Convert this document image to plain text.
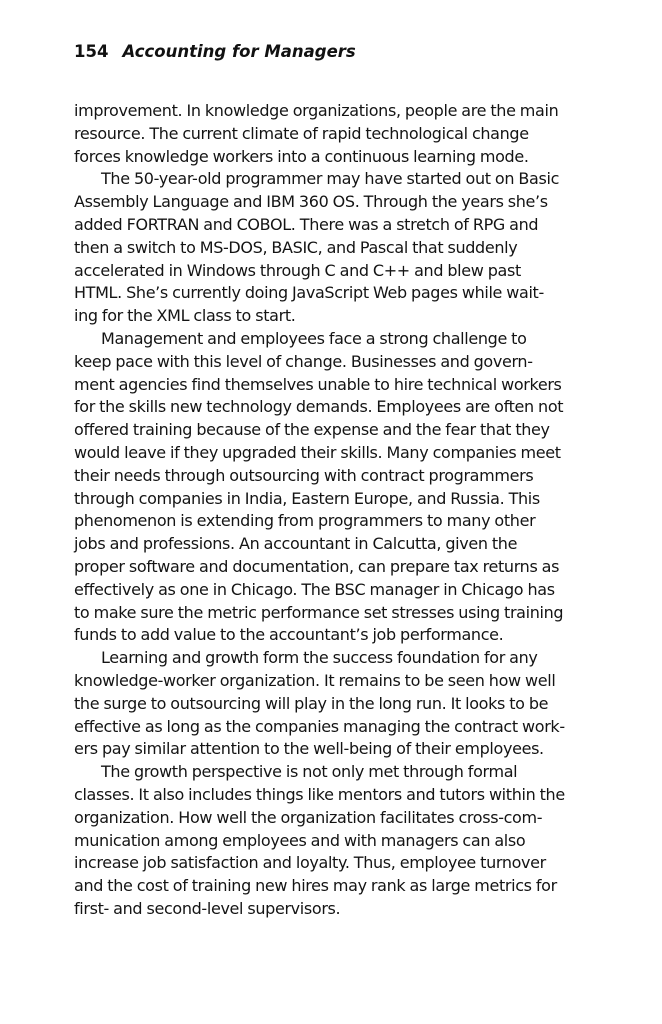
154 Accounting for Managers
improvement. In knowledge organizations, people are the main
resource. The current climate of rapid technological change
forces knowledge workers into a continuous learning mode.
The 50-year-old programmer may have started out on Basic
Assembly Language and IBM 360 OS. Through the years she’s
added FORTRAN and COBOL. There was a stretch of RPG and
then a switch to MS-DOS, BASIC, and Pascal that suddenly
accelerated in Windows through C and C++ and blew past
HTML. She’s currently doing JavaScript Web pages while wait-
ing for the XML class to start.
Management and employees face a strong challenge to
keep pace with this level of change. Businesses and govern-
ment agencies find themselves unable to hire technical workers
for the skills new technology demands. Employees are often not
offered training because of the expense and the fear that they
would leave if they upgraded their skills. Many companies meet
their needs through outsourcing with contract programmers
through companies in India, Eastern Europe, and Russia. This
phenomenon is extending from programmers to many other
jobs and professions. An accountant in Calcutta, given the
proper software and documentation, can prepare tax returns as
effectively as one in Chicago. The BSC manager in Chicago has
to make sure the metric performance set stresses using training
funds to add value to the accountant’s job performance.
Learning and growth form the success foundation for any
knowledge-worker organization. It remains to be seen how well
the surge to outsourcing will play in the long run. It looks to be
effective as long as the companies managing the contract work-
ers pay similar attention to the well-being of their employees.
The growth perspective is not only met through formal
classes. It also includes things like mentors and tutors within the
organization. How well the organization facilitates cross-com-
munication among employees and with managers can also
increase job satisfaction and loyalty. Thus, employee turnover
and the cost of training new hires may rank as large metrics for
first- and second-level supervisors.
